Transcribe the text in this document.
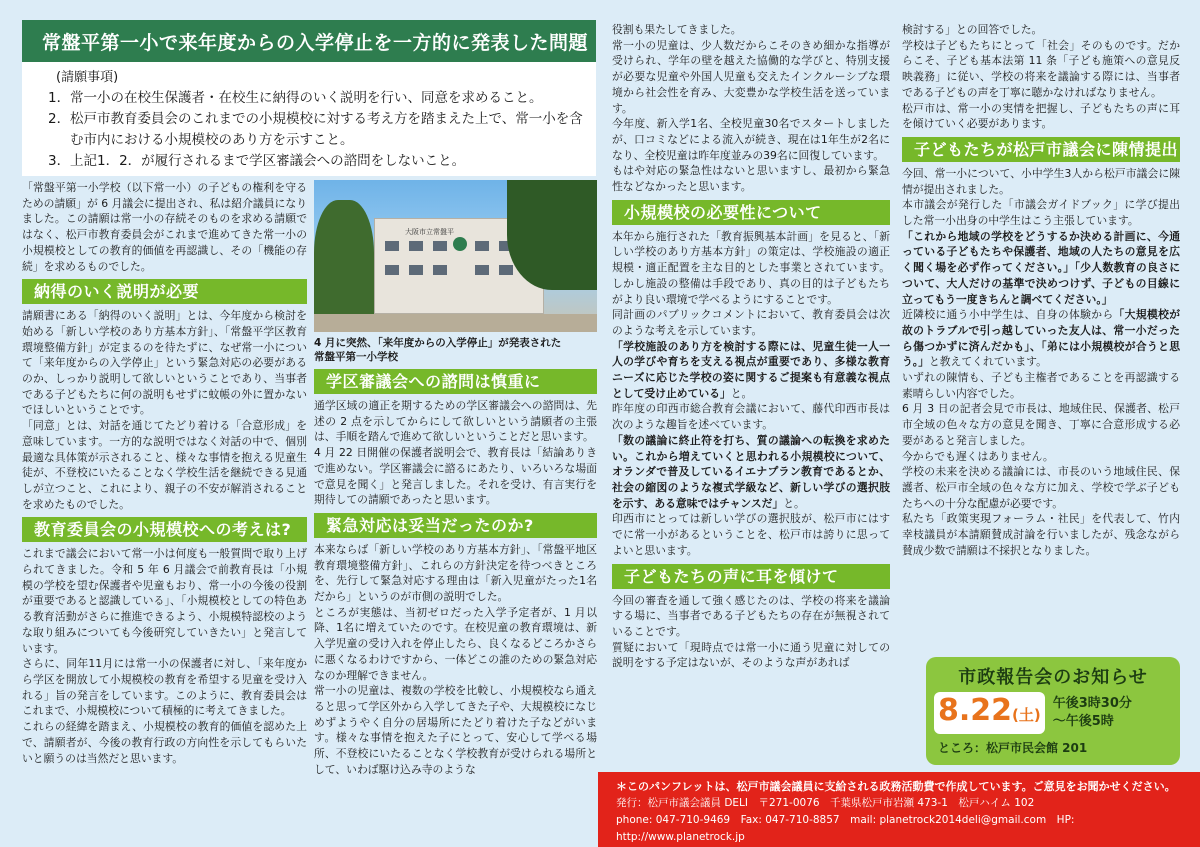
常盤平第一小で来年度からの入学停止を一方的に発表した問題
(請願事項)
1． 常一小の在校生保護者・在校生に納得のいく説明を行い、同意を求めること。
2． 松戸市教育委員会のこれまでの小規模校に対する考え方を踏まえた上で、常一小を含む市内における小規模校のあり方を示すこと。
3． 上記1．2．が履行されるまで学区審議会への諮問をしないこと。

「常盤平第一小学校（以下常一小）の子どもの権利を守るための請願」が 6 月議会に提出され、私は紹介議員になりました。この請願は常一小の存続そのものを求める請願ではなく、松戸市教育委員会がこれまで進めてきた常一小の小規模校としての教育的価値を再認識し、その「機能の存続」を求めるものでした。

納得のいく説明が必要

請願書にある「納得のいく説明」とは、今年度から検討を始める「新しい学校のあり方基本方針」、「常盤平学区教育環境整備方針」が定まるのを待たずに、なぜ常一小について「来年度からの入学停止」という緊急対応の必要があるのか、しっかり説明して欲しいということであり、当事者である子どもたちに何の説明もせずに蚊帳の外に置かないでほしいということです。

「同意」とは、対話を通じてたどり着ける「合意形成」を意味しています。一方的な説明ではなく対話の中で、個別最適な具体策が示されること、様々な事情を抱える児童生徒が、不登校にいたることなく学校生活を継続できる見通しが立つこと、これにより、親子の不安が解消されることを求めたものでした。

教育委員会の小規模校への考えは?

これまで議会において常一小は何度も一般質問で取り上げられてきました。令和 5 年 6 月議会で前教育長は「小規模の学校を望む保護者や児童もおり、常一小の今後の役割が重要であると認識している」、「小規模校としての特色ある教育活動がさらに推進できるよう、小規模特認校のような取り組みについても今後研究していきたい」と発言しています。

さらに、同年11月には常一小の保護者に対し、「来年度から学区を開放して小規模校の教育を希望する児童を受け入れる」旨の発言をしています。このように、教育委員会はこれまで、小規模校について積極的に考えてきました。

これらの経緯を踏まえ、小規模校の教育的価値を認めた上で、請願者が、今後の教育行政の方向性を示してもらいたいと願うのは当然だと思います。

大阪市立常盤平
4 月に突然、「来年度からの入学停止」が発表された
常盤平第一小学校
学区審議会への諮問は慎重に

通学区域の適正を期するための学区審議会への諮問は、先述の 2 点を示してからにして欲しいという請願者の主張は、手順を踏んで進めて欲しいということだと思います。

4 月 22 日開催の保護者説明会で、教育長は「結論ありきで進めない。学区審議会に諮るにあたり、いろいろな場面で意見を聞く」と発言しました。それを受け、有言実行を期待しての請願であったと思います。

緊急対応は妥当だったのか?

本来ならば「新しい学校のあり方基本方針」、「常盤平地区教育環境整備方針」、これらの方針決定を待つべきところを、先行して緊急対応する理由は「新入児童がたった1名だから」というのが市側の説明でした。

ところが実態は、当初ゼロだった入学予定者が、1 月以降、1名に増えていたのです。在校児童の教育環境は、新入学児童の受け入れを停止したら、良くなるどころかさらに悪くなるわけですから、一体どこの誰のための緊急対応なのか理解できません。

常一小の児童は、複数の学校を比較し、小規模校なら通えると思って学区外から入学してきた子や、大規模校になじめずようやく自分の居場所にたどり着けた子などがいます。様々な事情を抱えた子にとって、安心して学べる場所、不登校にいたることなく学校教育が受けられる場所として、いわば駆け込み寺のような

役割も果たしてきました。

常一小の児童は、少人数だからこそのきめ細かな指導が受けられ、学年の壁を越えた協働的な学びと、特別支援が必要な児童や外国人児童も交えたインクルーシブな環境から社会性を育み、大変豊かな学校生活を送っています。

今年度、新入学1名、全校児童30名でスタートしましたが、口コミなどによる流入が続き、現在は1年生が2名になり、全校児童は昨年度並みの39名に回復しています。

もはや対応の緊急性はないと思いますし、最初から緊急性などなかったと思います。

小規模校の必要性について

本年から施行された「教育振興基本計画」を見ると、「新しい学校のあり方基本方針」の策定は、学校施設の適正規模・適正配置を主な目的とした事業とされています。しかし施設の整備は手段であり、真の目的は子どもたちがより良い環境で学べるようにすることです。

同計画のパブリックコメントにおいて、教育委員会は次のような考えを示しています。

「学校施設のあり方を検討する際には、児童生徒一人一人の学びや育ちを支える視点が重要であり、多様な教育ニーズに応じた学校の姿に関するご提案も有意義な視点として受け止めている」と。

昨年度の印西市総合教育会議において、藤代印西市長は次のような趣旨を述べています。

「数の議論に終止符を打ち、質の議論への転換を求めたい。これから増えていくと思われる小規模校について、オランダで普及しているイエナプラン教育であるとか、社会の縮図のような複式学級など、新しい学びの選択肢を示す、ある意味ではチャンスだ」と。

印西市にとっては新しい学びの選択肢が、松戸市にはすでに常一小があるということを、松戸市は誇りに思ってよいと思います。

子どもたちの声に耳を傾けて

今回の審査を通して強く感じたのは、学校の将来を議論する場に、当事者である子どもたちの存在が無視されていることです。

質疑において「現時点では常一小に通う児童に対しての説明をする予定はないが、そのような声があれば

検討する」との回答でした。

学校は子どもたちにとって「社会」そのものです。だからこそ、子ども基本法第 11 条「子ども施策への意見反映義務」に従い、学校の将来を議論する際には、当事者である子どもの声を丁寧に聴かなければなりません。

松戸市は、常一小の実情を把握し、子どもたちの声に耳を傾けていく必要があります。

子どもたちが松戸市議会に陳情提出

今回、常一小について、小中学生3人から松戸市議会に陳情が提出されました。

本市議会が発行した「市議会ガイドブック」に学び提出した常一小出身の中学生はこう主張しています。

「これから地域の学校をどうするか決める計画に、今通っている子どもたちや保護者、地域の人たちの意見を広く聞く場を必ず作ってください。」「少人数教育の良さについて、大人だけの基準で決めつけず、子どもの目線に立ってもう一度きちんと調べてください。」

近隣校に通う小中学生は、自身の体験から「大規模校が故のトラブルで引っ越していった友人は、常一小だったら傷つかずに済んだかも」、「弟には小規模校が合うと思う。」と教えてくれています。

いずれの陳情も、子ども主権者であることを再認識する素晴らしい内容でした。

6 月 3 日の記者会見で市長は、地域住民、保護者、松戸市全域の色々な方の意見を聞き、丁寧に合意形成する必要があると発言しました。

今からでも遅くはありません。

学校の未来を決める議論には、市長のいう地域住民、保護者、松戸市全域の色々な方に加え、学校で学ぶ子どもたちへの十分な配慮が必要です。

私たち「政策実現フォーラム・社民」を代表して、竹内幸枝議員が本請願賛成討論を行いましたが、残念ながら賛成少数で請願は不採択となりました。

市政報告会のお知らせ
8.22(土)
午後3時30分
〜午後5時
ところ：松戸市民会館 201
＊このパンフレットは、松戸市議会議員に支給される政務活動費で作成しています。ご意見をお聞かせください。
発行：松戸市議会議員 DELI　〒271-0076　千葉県松戸市岩瀬 473-1　松戸ハイム 102
phone: 047-710-9469　Fax: 047-710-8857　mail: planetrock2014deli@gmail.com　HP: http://www.planetrock.jp
